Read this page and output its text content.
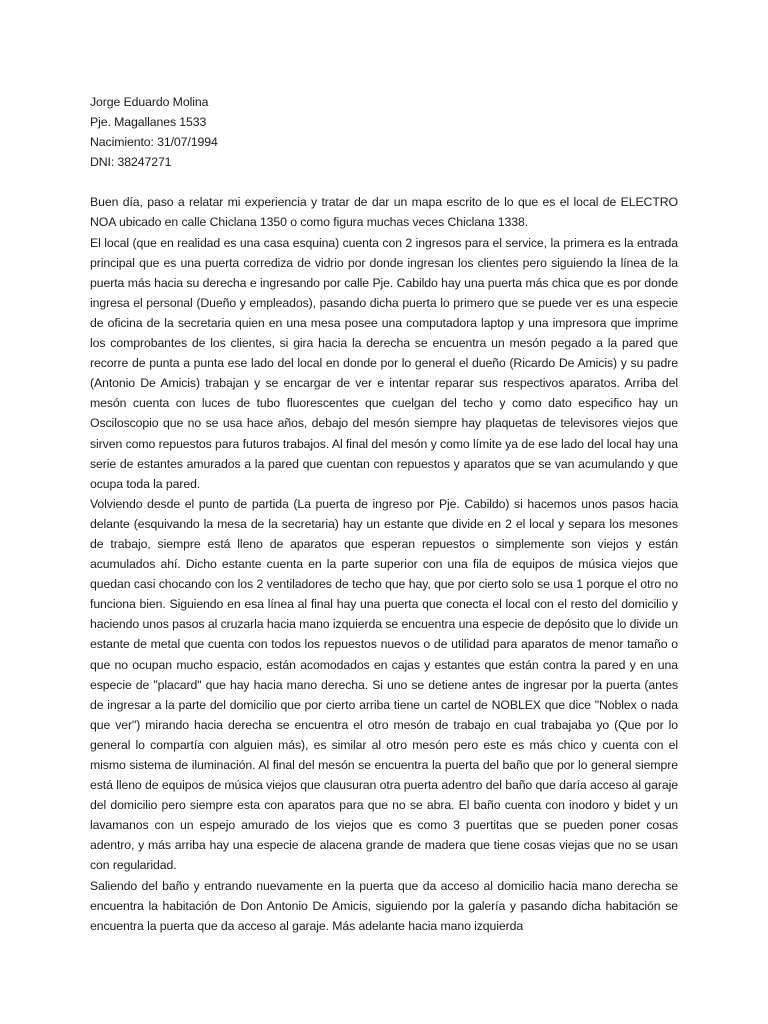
Jorge Eduardo Molina
Pje. Magallanes 1533
Nacimiento: 31/07/1994
DNI: 38247271

Buen día, paso a relatar mi experiencia y tratar de dar un mapa escrito de lo que es el local de ELECTRO NOA ubicado en calle Chiclana 1350 o como figura muchas veces Chiclana 1338.

El local (que en realidad es una casa esquina) cuenta con 2 ingresos para el service, la primera es la entrada principal que es una puerta corrediza de vidrio por donde ingresan los clientes pero siguiendo la línea de la puerta más hacia su derecha e ingresando por calle Pje. Cabildo hay una puerta más chica que es por donde ingresa el personal (Dueño y empleados), pasando dicha puerta lo primero que se puede ver es una especie de oficina de la secretaria quien en una mesa posee una computadora laptop y una impresora que imprime los comprobantes de los clientes, si gira hacia la derecha se encuentra un mesón pegado a la pared que recorre de punta a punta ese lado del local en donde por lo general el dueño (Ricardo De Amicis) y su padre (Antonio De Amicis) trabajan y se encargar de ver e intentar reparar sus respectivos aparatos. Arriba del mesón cuenta con luces de tubo fluorescentes que cuelgan del techo y como dato especifico hay un Osciloscopio que no se usa hace años, debajo del mesón siempre hay plaquetas de televisores viejos que sirven como repuestos para futuros trabajos. Al final del mesón y como límite ya de ese lado del local hay una serie de estantes amurados a la pared que cuentan con repuestos y aparatos que se van acumulando y que ocupa toda la pared.

Volviendo desde el punto de partida (La puerta de ingreso por Pje. Cabildo) si hacemos unos pasos hacia delante (esquivando la mesa de la secretaria) hay un estante que divide en 2 el local y separa los mesones de trabajo, siempre está lleno de aparatos que esperan repuestos o simplemente son viejos y están acumulados ahí. Dicho estante cuenta en la parte superior con una fila de equipos de música viejos que quedan casi chocando con los 2 ventiladores de techo que hay, que por cierto solo se usa 1 porque el otro no funciona bien. Siguiendo en esa línea al final hay una puerta que conecta el local con el resto del domicilio y haciendo unos pasos al cruzarla hacia mano izquierda se encuentra una especie de depósito que lo divide un estante de metal que cuenta con todos los repuestos nuevos o de utilidad para aparatos de menor tamaño o que no ocupan mucho espacio, están acomodados en cajas y estantes que están contra la pared y en una especie de "placard" que hay hacia mano derecha. Si uno se detiene antes de ingresar por la puerta (antes de ingresar a la parte del domicilio que por cierto arriba tiene un cartel de NOBLEX que dice "Noblex o nada que ver") mirando hacia derecha se encuentra el otro mesón de trabajo en cual trabajaba yo (Que por lo general lo compartía con alguien más), es similar al otro mesón pero este es más chico y cuenta con el mismo sistema de iluminación. Al final del mesón se encuentra la puerta del baño que por lo general siempre está lleno de equipos de música viejos que clausuran otra puerta adentro del baño que daría acceso al garaje del domicilio pero siempre esta con aparatos para que no se abra. El baño cuenta con inodoro y bidet y un lavamanos con un espejo amurado de los viejos que es como 3 puertitas que se pueden poner cosas adentro, y más arriba hay una especie de alacena grande de madera que tiene cosas viejas que no se usan con regularidad.

Saliendo del baño y entrando nuevamente en la puerta que da acceso al domicilio hacia mano derecha se encuentra la habitación de Don Antonio De Amicis, siguiendo por la galería y pasando dicha habitación se encuentra la puerta que da acceso al garaje. Más adelante hacia mano izquierda
